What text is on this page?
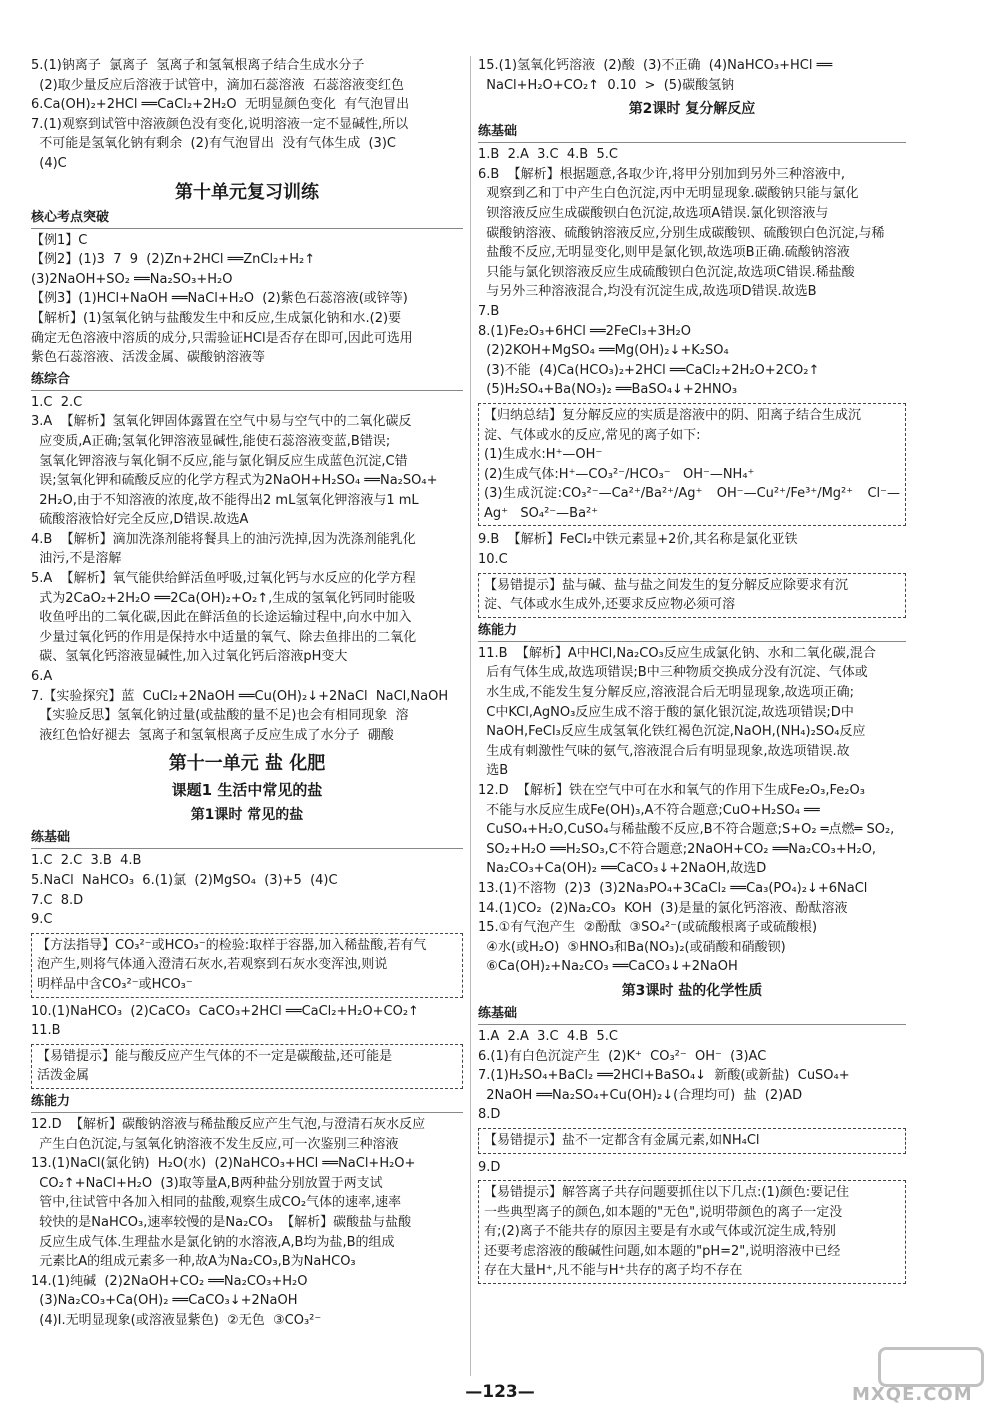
5.(1)钠离子  氯离子  氢离子和氢氧根离子结合生成水分子
(2)取少量反应后溶液于试管中，滴加石蕊溶液  石蕊溶液变红色
6.Ca(OH)₂+2HCl ══CaCl₂+2H₂O  无明显颜色变化  有气泡冒出
7.(1)观察到试管中溶液颜色没有变化,说明溶液一定不显碱性,所以
不可能是氢氧化钠有剩余  (2)有气泡冒出  没有气体生成  (3)C
(4)C

第十单元复习训练
核心考点突破

【例1】C
【例2】(1)3  7  9  (2)Zn+2HCl ══ZnCl₂+H₂↑
(3)2NaOH+SO₂ ══Na₂SO₃+H₂O
【例3】(1)HCl+NaOH ══NaCl+H₂O  (2)紫色石蕊溶液(或锌等)
【解析】(1)氢氧化钠与盐酸发生中和反应,生成氯化钠和水.(2)要
确定无色溶液中溶质的成分,只需验证HCl是否存在即可,因此可选用
紫色石蕊溶液、活泼金属、碳酸钠溶液等

练综合

1.C  2.C
3.A  【解析】氢氧化钾固体露置在空气中易与空气中的二氧化碳反
应变质,A正确;氢氧化钾溶液显碱性,能使石蕊溶液变蓝,B错误;
氢氧化钾溶液与氧化铜不反应,能与氯化铜反应生成蓝色沉淀,C错
误;氢氧化钾和硫酸反应的化学方程式为2NaOH+H₂SO₄ ══Na₂SO₄+
2H₂O,由于不知溶液的浓度,故不能得出2 mL氢氧化钾溶液与1 mL
硫酸溶液恰好完全反应,D错误.故选A
4.B  【解析】滴加洗涤剂能将餐具上的油污洗掉,因为洗涤剂能乳化
油污,不是溶解
5.A  【解析】氧气能供给鲜活鱼呼吸,过氧化钙与水反应的化学方程
式为2CaO₂+2H₂O ══2Ca(OH)₂+O₂↑,生成的氢氧化钙同时能吸
收鱼呼出的二氧化碳,因此在鲜活鱼的长途运输过程中,向水中加入
少量过氧化钙的作用是保持水中适量的氧气、除去鱼排出的二氧化
碳、氢氧化钙溶液显碱性,加入过氧化钙后溶液pH变大
6.A
7.【实验探究】蓝  CuCl₂+2NaOH ══Cu(OH)₂↓+2NaCl  NaCl,NaOH
【实验反思】氢氧化钠过量(或盐酸的量不足)也会有相同现象  溶
液红色恰好褪去  氢离子和氢氧根离子反应生成了水分子  硼酸

第十一单元 盐 化肥
课题1 生活中常见的盐
第1课时 常见的盐
练基础

1.C  2.C  3.B  4.B
5.NaCl  NaHCO₃  6.(1)氯  (2)MgSO₄  (3)+5  (4)C
7.C  8.D
9.C

【方法指导】CO₃²⁻或HCO₃⁻的检验:取样于容器,加入稀盐酸,若有气
泡产生,则将气体通入澄清石灰水,若观察到石灰水变浑浊,则说
明样品中含CO₃²⁻或HCO₃⁻

10.(1)NaHCO₃  (2)CaCO₃  CaCO₃+2HCl ══CaCl₂+H₂O+CO₂↑
11.B

【易错提示】能与酸反应产生气体的不一定是碳酸盐,还可能是
活泼金属

练能力

12.D  【解析】碳酸钠溶液与稀盐酸反应产生气泡,与澄清石灰水反应
产生白色沉淀,与氢氧化钠溶液不发生反应,可一次鉴别三种溶液
13.(1)NaCl(氯化钠)  H₂O(水)  (2)NaHCO₃+HCl ══NaCl+H₂O+
CO₂↑+NaCl+H₂O  (3)取等量A,B两种盐分别放置于两支试
管中,往试管中各加入相同的盐酸,观察生成CO₂气体的速率,速率
较快的是NaHCO₃,速率较慢的是Na₂CO₃  【解析】碳酸盐与盐酸
反应生成气体.生理盐水是氯化钠的水溶液,A,B均为盐,B的组成
元素比A的组成元素多一种,故A为Na₂CO₃,B为NaHCO₃
14.(1)纯碱  (2)2NaOH+CO₂ ══Na₂CO₃+H₂O
(3)Na₂CO₃+Ca(OH)₂ ══CaCO₃↓+2NaOH
(4)Ⅰ.无明显现象(或溶液显紫色)  ②无色  ③CO₃²⁻

15.(1)氢氧化钙溶液  (2)酸  (3)不正确  (4)NaHCO₃+HCl ══
NaCl+H₂O+CO₂↑  0.10  >  (5)碳酸氢钠

第2课时 复分解反应
练基础

1.B  2.A  3.C  4.B  5.C
6.B  【解析】根据题意,各取少许,将甲分别加到另外三种溶液中,
观察到乙和丁中产生白色沉淀,丙中无明显现象.碳酸钠只能与氯化
钡溶液反应生成碳酸钡白色沉淀,故选项A错误.氯化钡溶液与
碳酸钠溶液、硫酸钠溶液反应,分别生成碳酸钡、硫酸钡白色沉淀,与稀
盐酸不反应,无明显变化,则甲是氯化钡,故选项B正确.硫酸钠溶液
只能与氯化钡溶液反应生成硫酸钡白色沉淀,故选项C错误.稀盐酸
与另外三种溶液混合,均没有沉淀生成,故选项D错误.故选B
7.B
8.(1)Fe₂O₃+6HCl ══2FeCl₃+3H₂O
(2)2KOH+MgSO₄ ══Mg(OH)₂↓+K₂SO₄
(3)不能  (4)Ca(HCO₃)₂+2HCl ══CaCl₂+2H₂O+2CO₂↑
(5)H₂SO₄+Ba(NO₃)₂ ══BaSO₄↓+2HNO₃

【归纳总结】复分解反应的实质是溶液中的阴、阳离子结合生成沉
淀、气体或水的反应,常见的离子如下:
(1)生成水:H⁺—OH⁻
(2)生成气体:H⁺—CO₃²⁻/HCO₃⁻   OH⁻—NH₄⁺
(3)生成沉淀:CO₃²⁻—Ca²⁺/Ba²⁺/Ag⁺   OH⁻—Cu²⁺/Fe³⁺/Mg²⁺   Cl⁻—Ag⁺   SO₄²⁻—Ba²⁺

9.B  【解析】FeCl₂中铁元素显+2价,其名称是氯化亚铁
10.C

【易错提示】盐与碱、盐与盐之间发生的复分解反应除要求有沉
淀、气体或水生成外,还要求反应物必须可溶

练能力

11.B  【解析】A中HCl,Na₂CO₃反应生成氯化钠、水和二氧化碳,混合
后有气体生成,故选项错误;B中三种物质交换成分没有沉淀、气体或
水生成,不能发生复分解反应,溶液混合后无明显现象,故选项正确;
C中KCl,AgNO₃反应生成不溶于酸的氯化银沉淀,故选项错误;D中
NaOH,FeCl₃反应生成氢氧化铁红褐色沉淀,NaOH,(NH₄)₂SO₄反应
生成有刺激性气味的氨气,溶液混合后有明显现象,故选项错误.故
选B
12.D  【解析】铁在空气中可在水和氧气的作用下生成Fe₂O₃,Fe₂O₃
不能与水反应生成Fe(OH)₃,A不符合题意;CuO+H₂SO₄ ══
CuSO₄+H₂O,CuSO₄与稀盐酸不反应,B不符合题意;S+O₂ ═点燃═ SO₂,
SO₂+H₂O ══H₂SO₃,C不符合题意;2NaOH+CO₂ ══Na₂CO₃+H₂O,
Na₂CO₃+Ca(OH)₂ ══CaCO₃↓+2NaOH,故选D
13.(1)不溶物  (2)3  (3)2Na₃PO₄+3CaCl₂ ══Ca₃(PO₄)₂↓+6NaCl
14.(1)CO₂  (2)Na₂CO₃  KOH  (3)是量的氯化钙溶液、酚酞溶液
15.①有气泡产生  ②酚酞  ③SO₄²⁻(或硫酸根离子或硫酸根)
④水(或H₂O)  ⑤HNO₃和Ba(NO₃)₂(或硝酸和硝酸钡)
⑥Ca(OH)₂+Na₂CO₃ ══CaCO₃↓+2NaOH

第3课时 盐的化学性质
练基础

1.A  2.A  3.C  4.B  5.C
6.(1)有白色沉淀产生  (2)K⁺  CO₃²⁻  OH⁻  (3)AC
7.(1)H₂SO₄+BaCl₂ ══2HCl+BaSO₄↓  新酸(或新盐)  CuSO₄+
2NaOH ══Na₂SO₄+Cu(OH)₂↓(合理均可)  盐  (2)AD
8.D

【易错提示】盐不一定都含有金属元素,如NH₄Cl

9.D

【易错提示】解答离子共存问题要抓住以下几点:(1)颜色:要记住
一些典型离子的颜色,如本题的"无色",说明带颜色的离子一定没
有;(2)离子不能共存的原因主要是有水或气体或沉淀生成,特别
还要考虑溶液的酸碱性问题,如本题的"pH=2",说明溶液中已经
存在大量H⁺,凡不能与H⁺共存的离子均不存在

—123—	MXQE.COM
